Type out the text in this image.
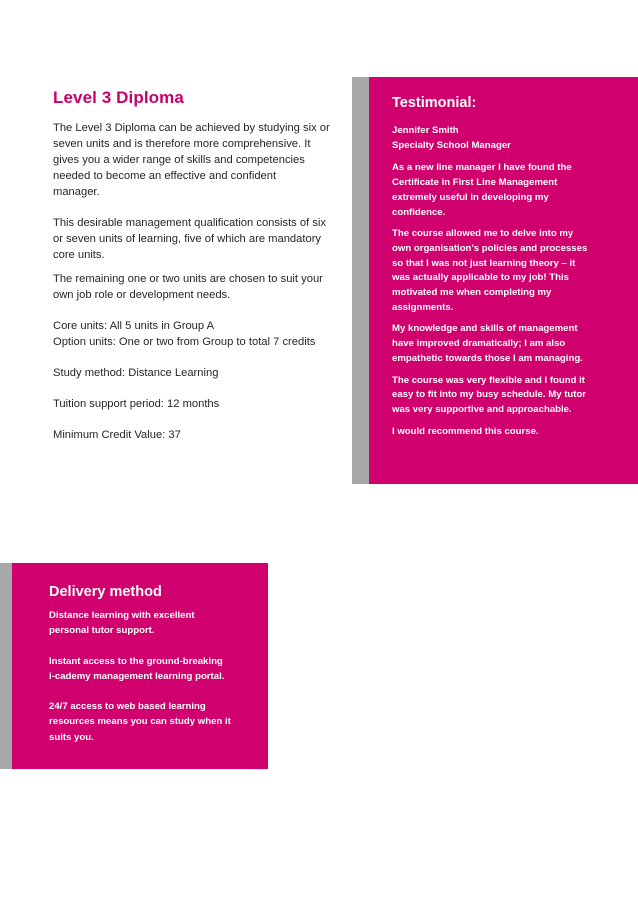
Level 3 Diploma

The Level 3 Diploma can be achieved by studying six or
seven units and is therefore more comprehensive. It
gives you a wider range of skills and competencies
needed to become an effective and confident
manager.

This desirable management qualification consists of six
or seven units of learning, five of which are mandatory
core units.

The remaining one or two units are chosen to suit your
own job role or development needs.

Core units: All 5 units in Group A
Option units: One or two from Group to total 7 credits

Study method: Distance Learning

Tuition support period: 12 months

Minimum Credit Value: 37

Testimonial:

Jennifer Smith
Specialty School Manager

As a new line manager I have found the
Certificate in First Line Management
extremely useful in developing my
confidence.

The course allowed me to delve into my
own organisation’s policies and processes
so that I was not just learning theory – it
was actually applicable to my job! This
motivated me when completing my
assignments.

My knowledge and skills of management
have improved dramatically; I am also
empathetic towards those I am managing.

The course was very flexible and I found it
easy to fit into my busy schedule. My tutor
was very supportive and approachable.

I would recommend this course.

Delivery method

Distance learning with excellent
personal tutor support.

Instant access to the ground-breaking
i-cademy management learning portal.

24/7 access to web based learning
resources means you can study when it
suits you.
